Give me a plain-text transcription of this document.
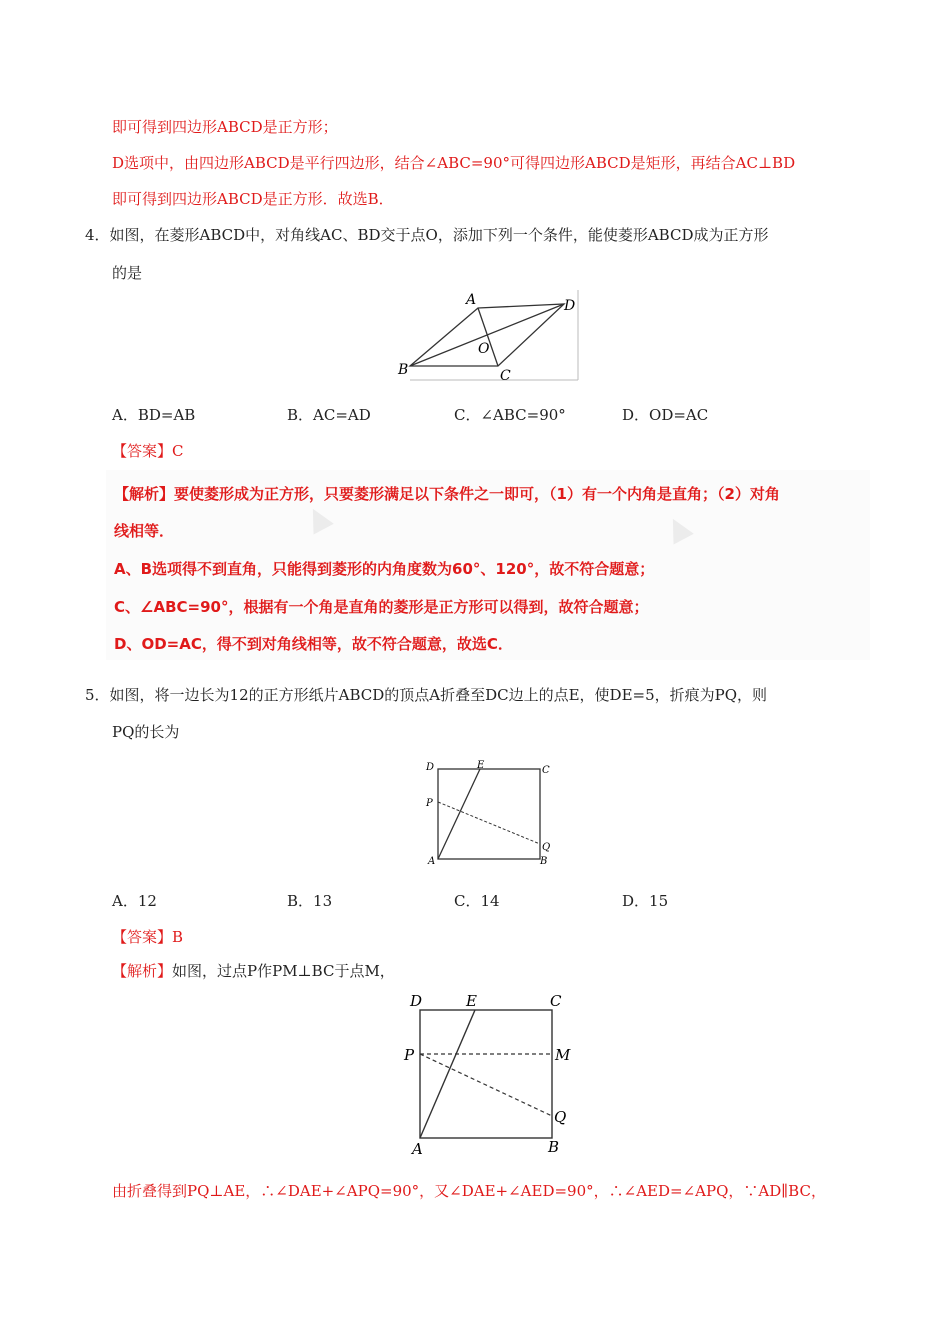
即可得到四边形ABCD是正方形；
D选项中，由四边形ABCD是平行四边形，结合∠ABC=90°可得四边形ABCD是矩形，再结合AC⊥BD
即可得到四边形ABCD是正方形．故选B．
4．如图，在菱形ABCD中，对角线AC、BD交于点O，添加下列一个条件，能使菱形ABCD成为正方形
的是
A	D
O
B	C
A．BD=AB	B．AC=AD	C．∠ABC=90°	D．OD=AC
【答案】C
▲	▲
【解析】要使菱形成为正方形，只要菱形满足以下条件之一即可，（1）有一个内角是直角；（2）对角
线相等．
A、B选项得不到直角，只能得到菱形的内角度数为60°、120°，故不符合题意；
C、∠ABC=90°，根据有一个角是直角的菱形是正方形可以得到，故符合题意；
D、OD=AC，得不到对角线相等，故不符合题意，故选C．
5．如图，将一边长为12的正方形纸片ABCD的顶点A折叠至DC边上的点E，使DE=5，折痕为PQ，则
PQ的长为
D	E	C
P
Q
A	B
A．12	B．13	C．14	D．15
【答案】B
【解析】如图，过点P作PM⊥BC于点M，
D	E	C
P	M
Q
A	B
由折叠得到PQ⊥AE，∴∠DAE+∠APQ=90°，又∠DAE+∠AED=90°，∴∠AED=∠APQ，∵AD∥BC，
